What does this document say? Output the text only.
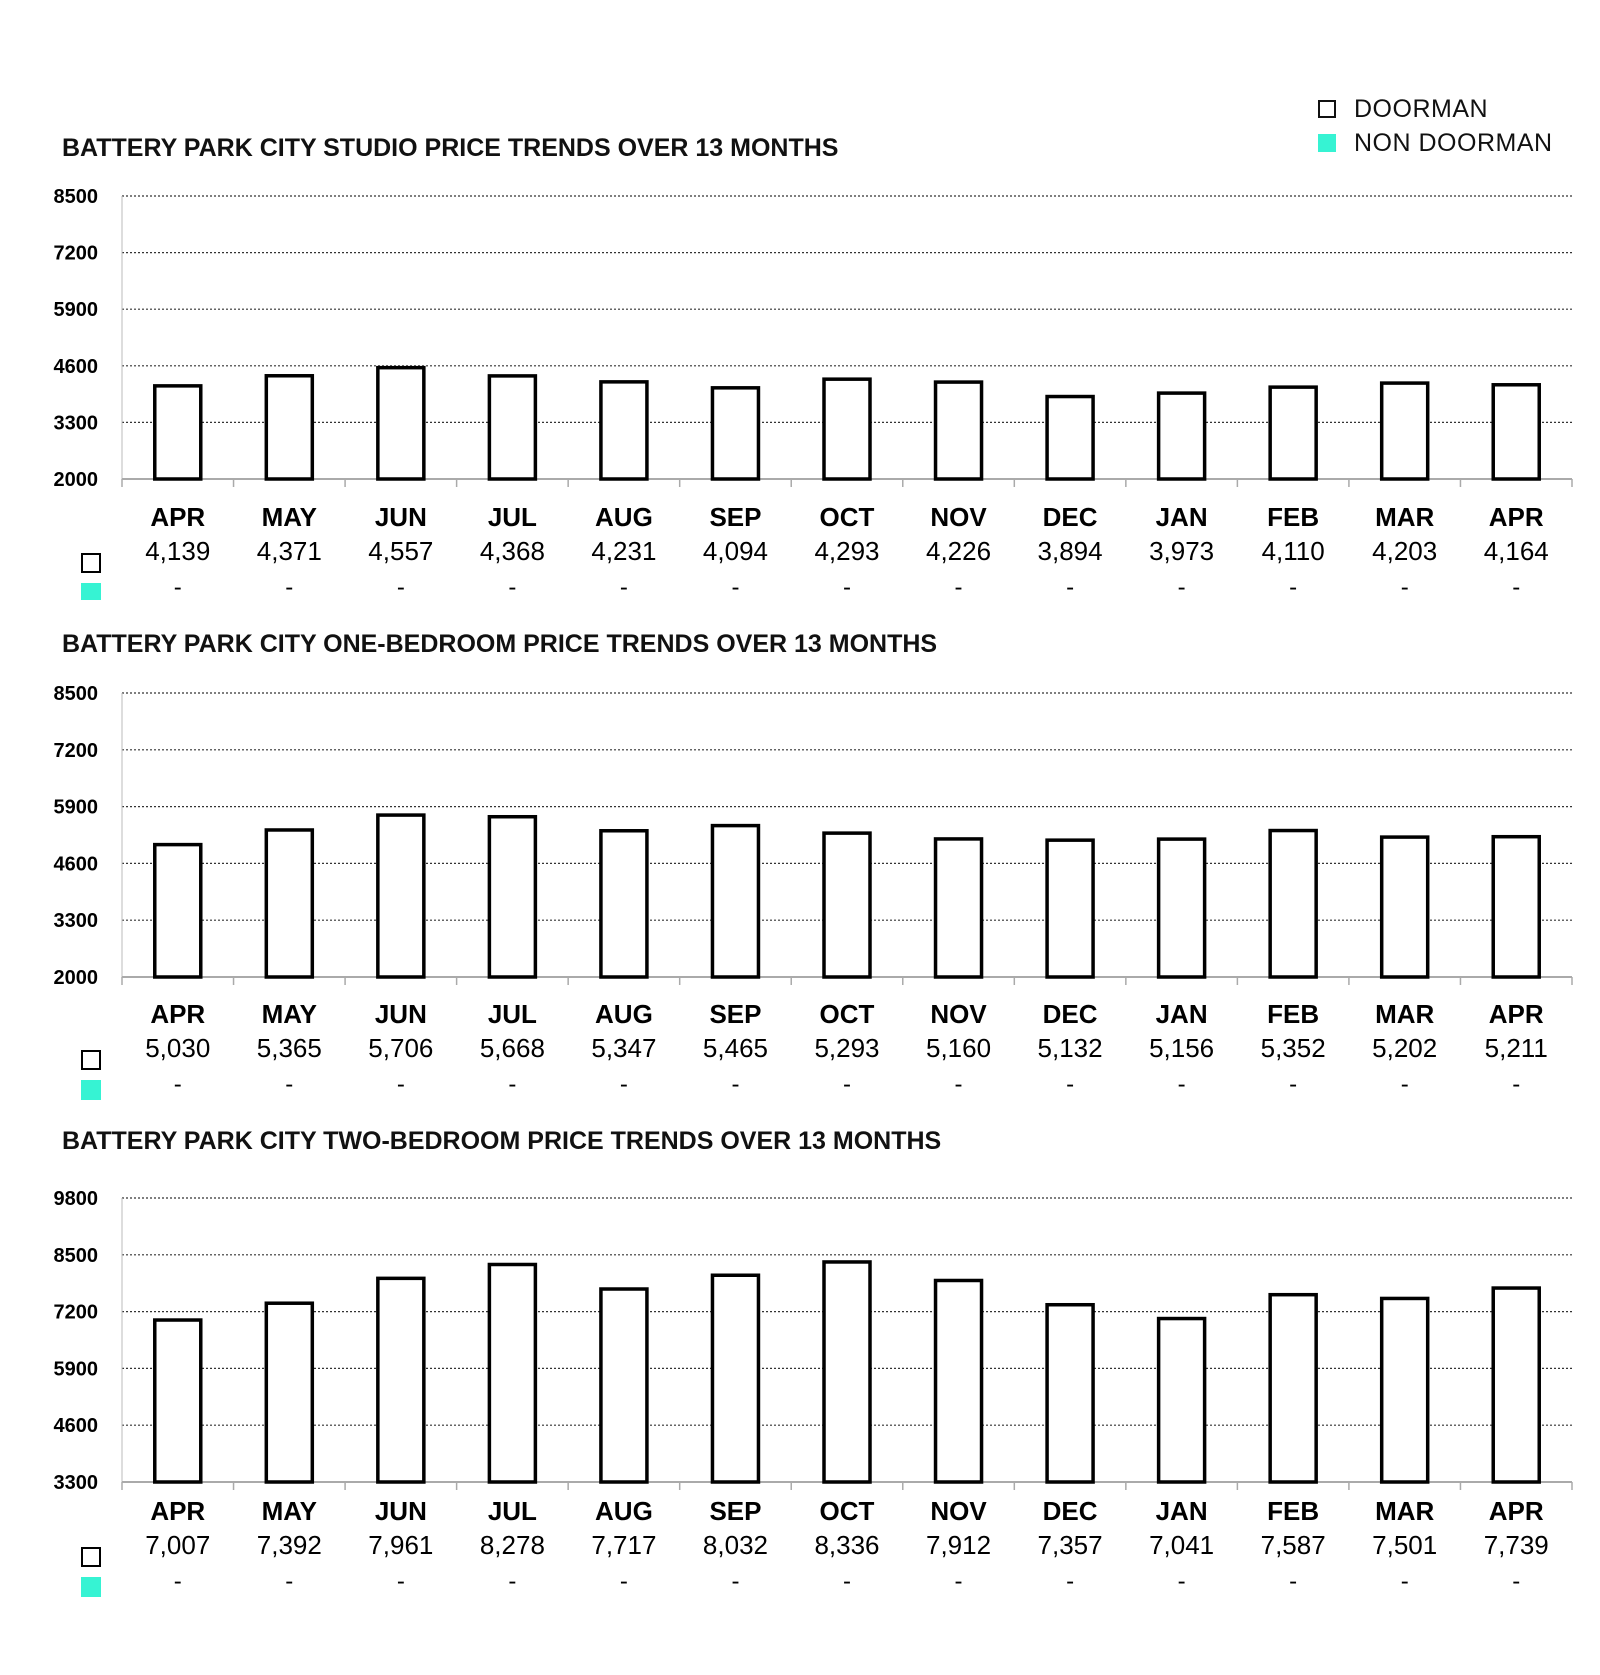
DOORMAN
NON DOORMAN
BATTERY PARK CITY STUDIO PRICE TRENDS OVER 13 MONTHS
8500
7200
5900
4600
3300
2000
APR
4,139
-
MAY
4,371
-
JUN
4,557
-
JUL
4,368
-
AUG
4,231
-
SEP
4,094
-
OCT
4,293
-
NOV
4,226
-
DEC
3,894
-
JAN
3,973
-
FEB
4,110
-
MAR
4,203
-
APR
4,164
-
BATTERY PARK CITY ONE-BEDROOM PRICE TRENDS OVER 13 MONTHS
8500
7200
5900
4600
3300
2000
APR
5,030
-
MAY
5,365
-
JUN
5,706
-
JUL
5,668
-
AUG
5,347
-
SEP
5,465
-
OCT
5,293
-
NOV
5,160
-
DEC
5,132
-
JAN
5,156
-
FEB
5,352
-
MAR
5,202
-
APR
5,211
-
BATTERY PARK CITY TWO-BEDROOM PRICE TRENDS OVER 13 MONTHS
9800
8500
7200
5900
4600
3300
APR
7,007
-
MAY
7,392
-
JUN
7,961
-
JUL
8,278
-
AUG
7,717
-
SEP
8,032
-
OCT
8,336
-
NOV
7,912
-
DEC
7,357
-
JAN
7,041
-
FEB
7,587
-
MAR
7,501
-
APR
7,739
-
